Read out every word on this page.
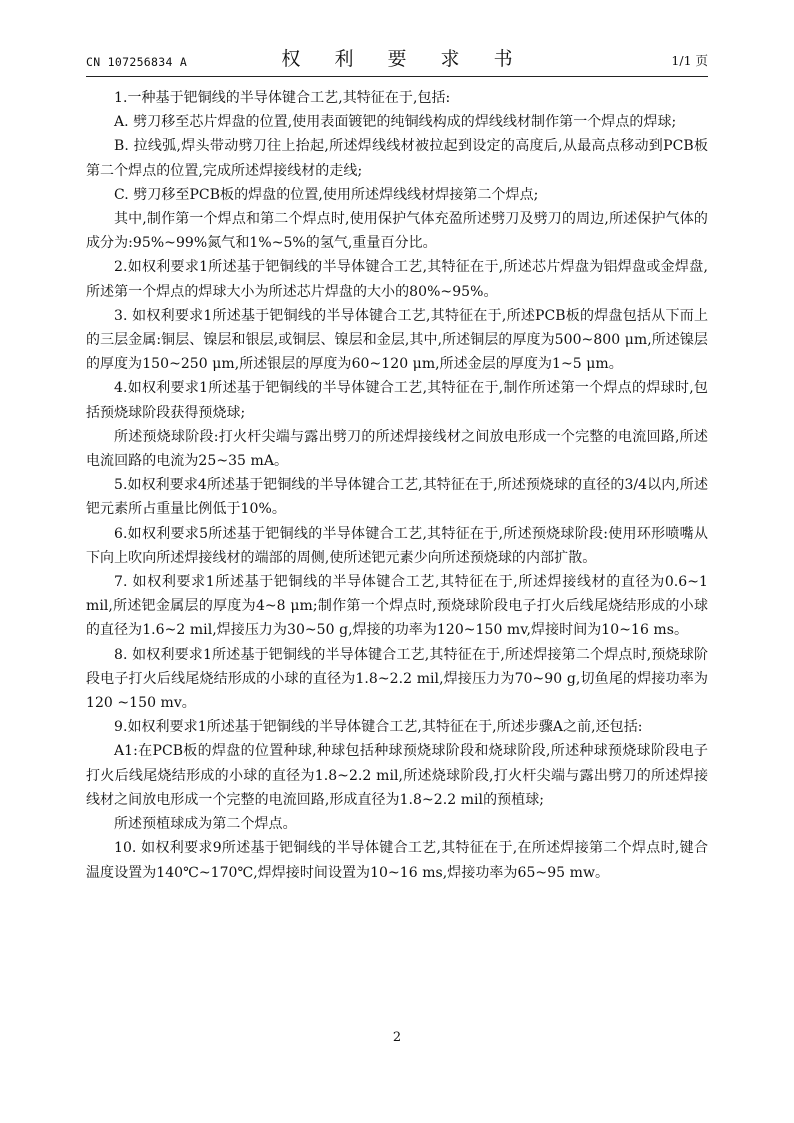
CN 107256834 A	权 利 要 求 书	1/1 页

1.一种基于钯铜线的半导体键合工艺,其特征在于,包括:

A. 劈刀移至芯片焊盘的位置,使用表面镀钯的纯铜线构成的焊线线材制作第一个焊点的焊球;

B. 拉线弧,焊头带动劈刀往上抬起,所述焊线线材被拉起到设定的高度后,从最高点移动到PCB板第二个焊点的位置,完成所述焊接线材的走线;

C. 劈刀移至PCB板的焊盘的位置,使用所述焊线线材焊接第二个焊点;

其中,制作第一个焊点和第二个焊点时,使用保护气体充盈所述劈刀及劈刀的周边,所述保护气体的成分为:95%~99%氮气和1%~5%的氢气,重量百分比。

2.如权利要求1所述基于钯铜线的半导体键合工艺,其特征在于,所述芯片焊盘为铝焊盘或金焊盘,所述第一个焊点的焊球大小为所述芯片焊盘的大小的80%~95%。

3. 如权利要求1所述基于钯铜线的半导体键合工艺,其特征在于,所述PCB板的焊盘包括从下而上的三层金属:铜层、镍层和银层,或铜层、镍层和金层,其中,所述铜层的厚度为500~800 μm,所述镍层的厚度为150~250 μm,所述银层的厚度为60~120 μm,所述金层的厚度为1~5 μm。

4.如权利要求1所述基于钯铜线的半导体键合工艺,其特征在于,制作所述第一个焊点的焊球时,包括预烧球阶段获得预烧球;

所述预烧球阶段:打火杆尖端与露出劈刀的所述焊接线材之间放电形成一个完整的电流回路,所述电流回路的电流为25~35 mA。

5.如权利要求4所述基于钯铜线的半导体键合工艺,其特征在于,所述预烧球的直径的3/4以内,所述钯元素所占重量比例低于10%。

6.如权利要求5所述基于钯铜线的半导体键合工艺,其特征在于,所述预烧球阶段:使用环形喷嘴从下向上吹向所述焊接线材的端部的周侧,使所述钯元素少向所述预烧球的内部扩散。

7. 如权利要求1所述基于钯铜线的半导体键合工艺,其特征在于,所述焊接线材的直径为0.6~1 mil,所述钯金属层的厚度为4~8 μm;制作第一个焊点时,预烧球阶段电子打火后线尾烧结形成的小球的直径为1.6~2 mil,焊接压力为30~50 g,焊接的功率为120~150 mv,焊接时间为10~16 ms。

8. 如权利要求1所述基于钯铜线的半导体键合工艺,其特征在于,所述焊接第二个焊点时,预烧球阶段电子打火后线尾烧结形成的小球的直径为1.8~2.2 mil,焊接压力为70~90 g,切鱼尾的焊接功率为120 ~150 mv。

9.如权利要求1所述基于钯铜线的半导体键合工艺,其特征在于,所述步骤A之前,还包括:

A1:在PCB板的焊盘的位置种球,种球包括种球预烧球阶段和烧球阶段,所述种球预烧球阶段电子打火后线尾烧结形成的小球的直径为1.8~2.2 mil,所述烧球阶段,打火杆尖端与露出劈刀的所述焊接线材之间放电形成一个完整的电流回路,形成直径为1.8~2.2 mil的预植球;

所述预植球成为第二个焊点。

10. 如权利要求9所述基于钯铜线的半导体键合工艺,其特征在于,在所述焊接第二个焊点时,键合温度设置为140℃~170℃,焊焊接时间设置为10~16 ms,焊接功率为65~95 mw。

2
